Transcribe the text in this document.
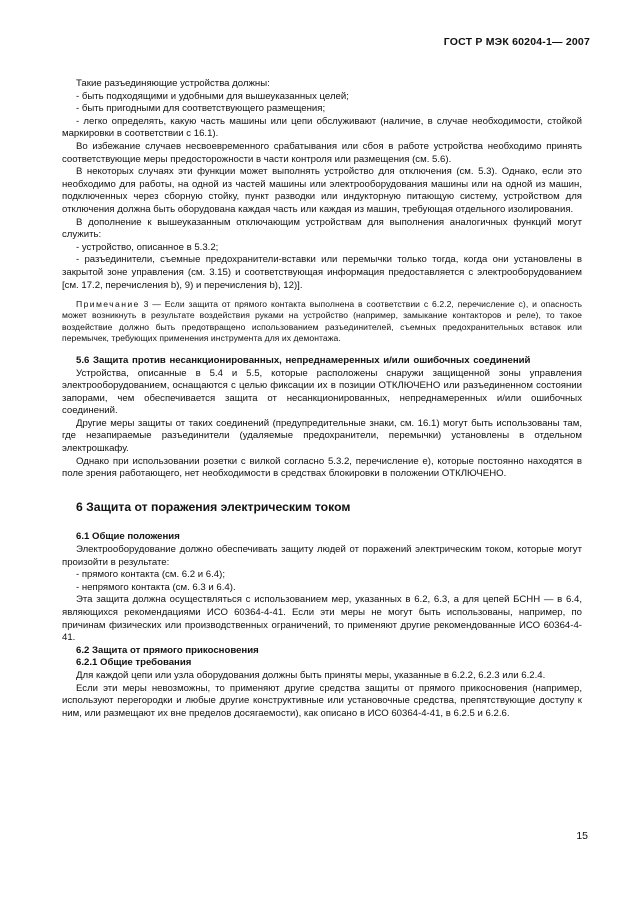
ГОСТ Р МЭК 60204-1— 2007

Такие разъединяющие устройства должны:

- быть подходящими и удобными для вышеуказанных целей;

- быть пригодными для соответствующего размещения;

- легко определять, какую часть машины или цепи обслуживают (наличие, в случае необходимости, стойкой маркировки в соответствии с 16.1).

Во избежание случаев несвоевременного срабатывания или сбоя в работе устройства необходимо принять соответствующие меры предосторожности в части контроля или размещения (см. 5.6).

В некоторых случаях эти функции может выполнять устройство для отключения (см. 5.3). Однако, если это необходимо для работы, на одной из частей машины или электрооборудования машины или на одной из машин, подключенных через сборную стойку, пункт разводки или индукторную питающую систему, устройством для отключения должна быть оборудована каждая часть или каждая из машин, требующая отдельного изолирования.

В дополнение к вышеуказанным отключающим устройствам для выполнения аналогичных функций могут служить:

- устройство, описанное в 5.3.2;

- разъединители, съемные предохранители-вставки или перемычки только тогда, когда они установлены в закрытой зоне управления (см. 3.15) и соответствующая информация предоставляется с электрооборудованием [см. 17.2, перечисления b), 9) и перечисления b), 12)].

Примечание 3 — Если защита от прямого контакта выполнена в соответствии с 6.2.2, перечисление с), и опасность может возникнуть в результате воздействия руками на устройство (например, замыкание контакторов и реле), то такое воздействие должно быть предотвращено использованием разъединителей, съемных предохранительных вставок или перемычек, требующих применения инструмента для их демонтажа.

5.6 Защита против несанкционированных, непреднамеренных и/или ошибочных соединений

Устройства, описанные в 5.4 и 5.5, которые расположены снаружи защищенной зоны управления электрооборудованием, оснащаются с целью фиксации их в позиции ОТКЛЮЧЕНО или разъединенном состоянии запорами, чем обеспечивается защита от несанкционированных, непреднамеренных и/или ошибочных соединений.

Другие меры защиты от таких соединений (предупредительные знаки, см. 16.1) могут быть использованы там, где незапираемые разъединители (удаляемые предохранители, перемычки) установлены в отдельном электрошкафу.

Однако при использовании розетки с вилкой согласно 5.3.2, перечисление е), которые постоянно находятся в поле зрения работающего, нет необходимости в средствах блокировки в положении ОТКЛЮЧЕНО.

6 Защита от поражения электрическим током

6.1 Общие положения

Электрооборудование должно обеспечивать защиту людей от поражений электрическим током, которые могут произойти в результате:

- прямого контакта (см. 6.2 и 6.4);

- непрямого контакта (см. 6.3 и 6.4).

Эта защита должна осуществляться с использованием мер, указанных в 6.2, 6.3, а для цепей БСНН — в 6.4, являющихся рекомендациями ИСО 60364-4-41. Если эти меры не могут быть использованы, например, по причинам физических или производственных ограничений, то применяют другие рекомендованные ИСО 60364-4-41.

6.2 Защита от прямого прикосновения

6.2.1 Общие требования

Для каждой цепи или узла оборудования должны быть приняты меры, указанные в 6.2.2, 6.2.3 или 6.2.4.

Если эти меры невозможны, то применяют другие средства защиты от прямого прикосновения (например, используют перегородки и любые другие конструктивные или установочные средства, препятствующие доступу к ним, или размещают их вне пределов досягаемости), как описано в ИСО 60364-4-41, в 6.2.5 и 6.2.6.

15
